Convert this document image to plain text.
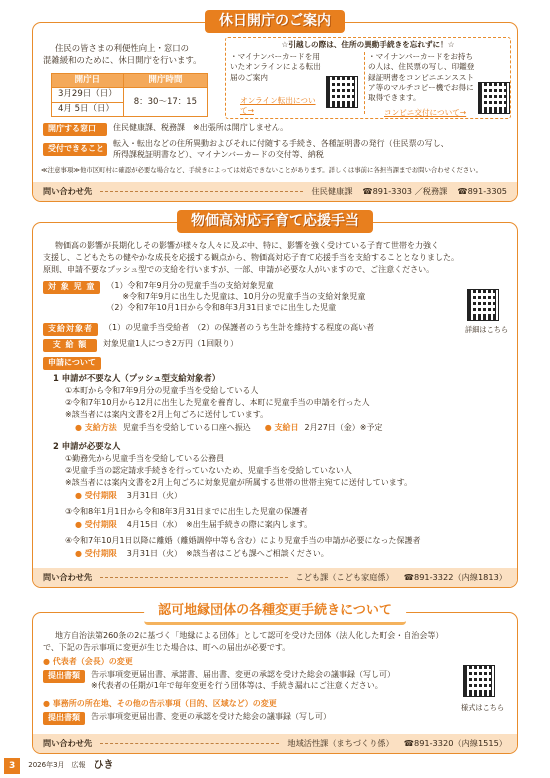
住民の皆さまの利便性向上・窓口の
混雑緩和のために、休日開庁を行います。
開庁日	開庁時間
3月29日（日）	8：30〜17：15
4月 5日（日）	
☆引越しの際は、住所の異動手続きを忘れずに！☆
・マイナンバーカードを用いたオンラインによる転出届のご案内
オンライン転出について→
・マイナンバーカードをお持ちの人は、住民票の写し、印鑑登録証明書をコンビニエンスストア等のマルチコピー機でお得に取得できます。
コンビニ交付について→
開庁する窓口	住民健康課、税務課　※出張所は開庁しません。
受付できること
転入・転出などの住所異動およびそれに付随する手続き、各種証明書の発行（住民票の写し、
所得課税証明書など）、マイナンバーカードの交付等、納税
≪注意事項≫他市区町村に確認が必要な場合など、手続きによっては対応できないことがあります。詳しくは事前に各担当課までお問い合わせください。
問い合わせ先	住民健康課 ☎891-3303 ／税務課 ☎891-3305
休日開庁のご案内
物価高の影響が長期化しその影響が様々な人々に及ぶ中、特に、影響を強く受けている子育て世帯を力強く
支援し、こどもたちの健やかな成長を応援する観点から、物価高対応子育て応援手当を支給することとなりました。
原則、申請不要なプッシュ型での支給を行いますが、一部、申請が必要な人がいますので、ご注意ください。
対 象 児 童	（1）令和7年9月分の児童手当の支給対象児童
※令和7年9月に出生した児童は、10月分の児童手当の支給対象児童
（2）令和7年10月1日から令和8年3月31日までに出生した児童
支給対象者	（1）の児童手当受給者　（2）の保護者のうち生計を維持する程度の高い者
支 給 額	対象児童1人につき2万円（1回限り）
詳細はこちら
申請について
1 申請が不要な人（プッシュ型支給対象者）
①本町から令和7年9月分の児童手当を受給している人
②令和7年10月から12月に出生した児童を養育し、本町に児童手当の申請を行った人
※該当者には案内文書を2月上旬ごろに送付しています。
● 支給方法 児童手当を受給している口座へ振込 ● 支給日 2月27日（金）※予定
2 申請が必要な人
①勤務先から児童手当を受給している公務員
②児童手当の認定請求手続きを行っていないため、児童手当を受給していない人
※該当者には案内文書を2月上旬ごろに対象児童が所属する世帯の世帯主宛てに送付しています。
● 受付期限 3月31日（火）
③令和8年1月1日から令和8年3月31日までに出生した児童の保護者
● 受付期限 4月15日（水）　※出生届手続きの際に案内します。
④令和7年10月1日以降に離婚（離婚調停中等も含む）により児童手当の申請が必要になった保護者
● 受付期限 3月31日（火）　※該当者はこども課へご相談ください。
問い合わせ先	こども課（こども家庭係） ☎891-3322（内線1813）
物価高対応子育て応援手当
地方自治法第260条の2に基づく「地縁による団体」として認可を受けた団体（法人化した町会・自治会等）
で、下記の告示事項に変更が生じた場合は、町への届出が必要です。
● 代表者（会長）の変更
提出書類	告示事項変更届出書、承諾書、届出書、変更の承認を受けた総会の議事録（写し可）
※代表者の任期が1年で毎年変更を行う団体等は、手続き漏れにご注意ください。
● 事務所の所在地、その他の告示事項（目的、区域など）の変更
提出書類	告示事項変更届出書、変更の承認を受けた総会の議事録（写し可）
様式はこちら
問い合わせ先	地域活性課（まちづくり係） ☎891-3320（内線1515）
認可地縁団体の各種変更手続きについて
3	2026年3月　広報 ひき
